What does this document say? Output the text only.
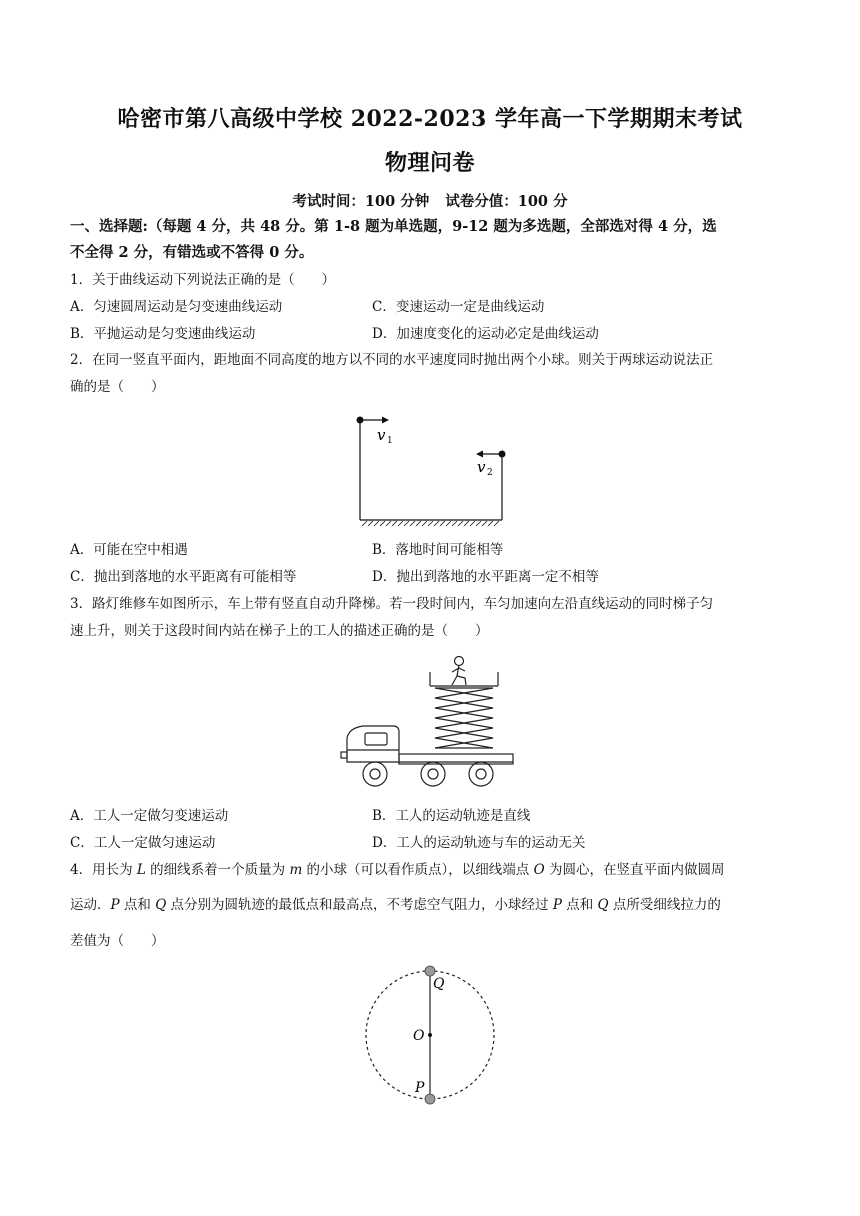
哈密市第八高级中学校 2022-2023 学年高一下学期期末考试
物理问卷
考试时间：100 分钟 试卷分值：100 分
一、选择题:（每题 4 分，共 48 分。第 1-8 题为单选题，9-12 题为多选题，全部选对得 4 分，选
不全得 2 分，有错选或不答得 0 分。
1．关于曲线运动下列说法正确的是（　　）
A．匀速圆周运动是匀变速曲线运动	C．变速运动一定是曲线运动
B．平抛运动是匀变速曲线运动	D．加速度变化的运动必定是曲线运动
2．在同一竖直平面内，距地面不同高度的地方以不同的水平速度同时抛出两个小球。则关于两球运动说法正
确的是（　　）
v 1
v 2
A．可能在空中相遇	B．落地时间可能相等
C．抛出到落地的水平距离有可能相等	D．抛出到落地的水平距离一定不相等
3．路灯维修车如图所示，车上带有竖直自动升降梯。若一段时间内，车匀加速向左沿直线运动的同时梯子匀
速上升，则关于这段时间内站在梯子上的工人的描述正确的是（　　）
A．工人一定做匀变速运动	B．工人的运动轨迹是直线
C．工人一定做匀速运动	D．工人的运动轨迹与车的运动无关
4．用长为 L 的细线系着一个质量为 m 的小球（可以看作质点），以细线端点 O 为圆心，在竖直平面内做圆周
运动．P 点和 Q 点分别为圆轨迹的最低点和最高点，不考虑空气阻力，小球经过 P 点和 Q 点所受细线拉力的
差值为（　　）
Q
O
P
